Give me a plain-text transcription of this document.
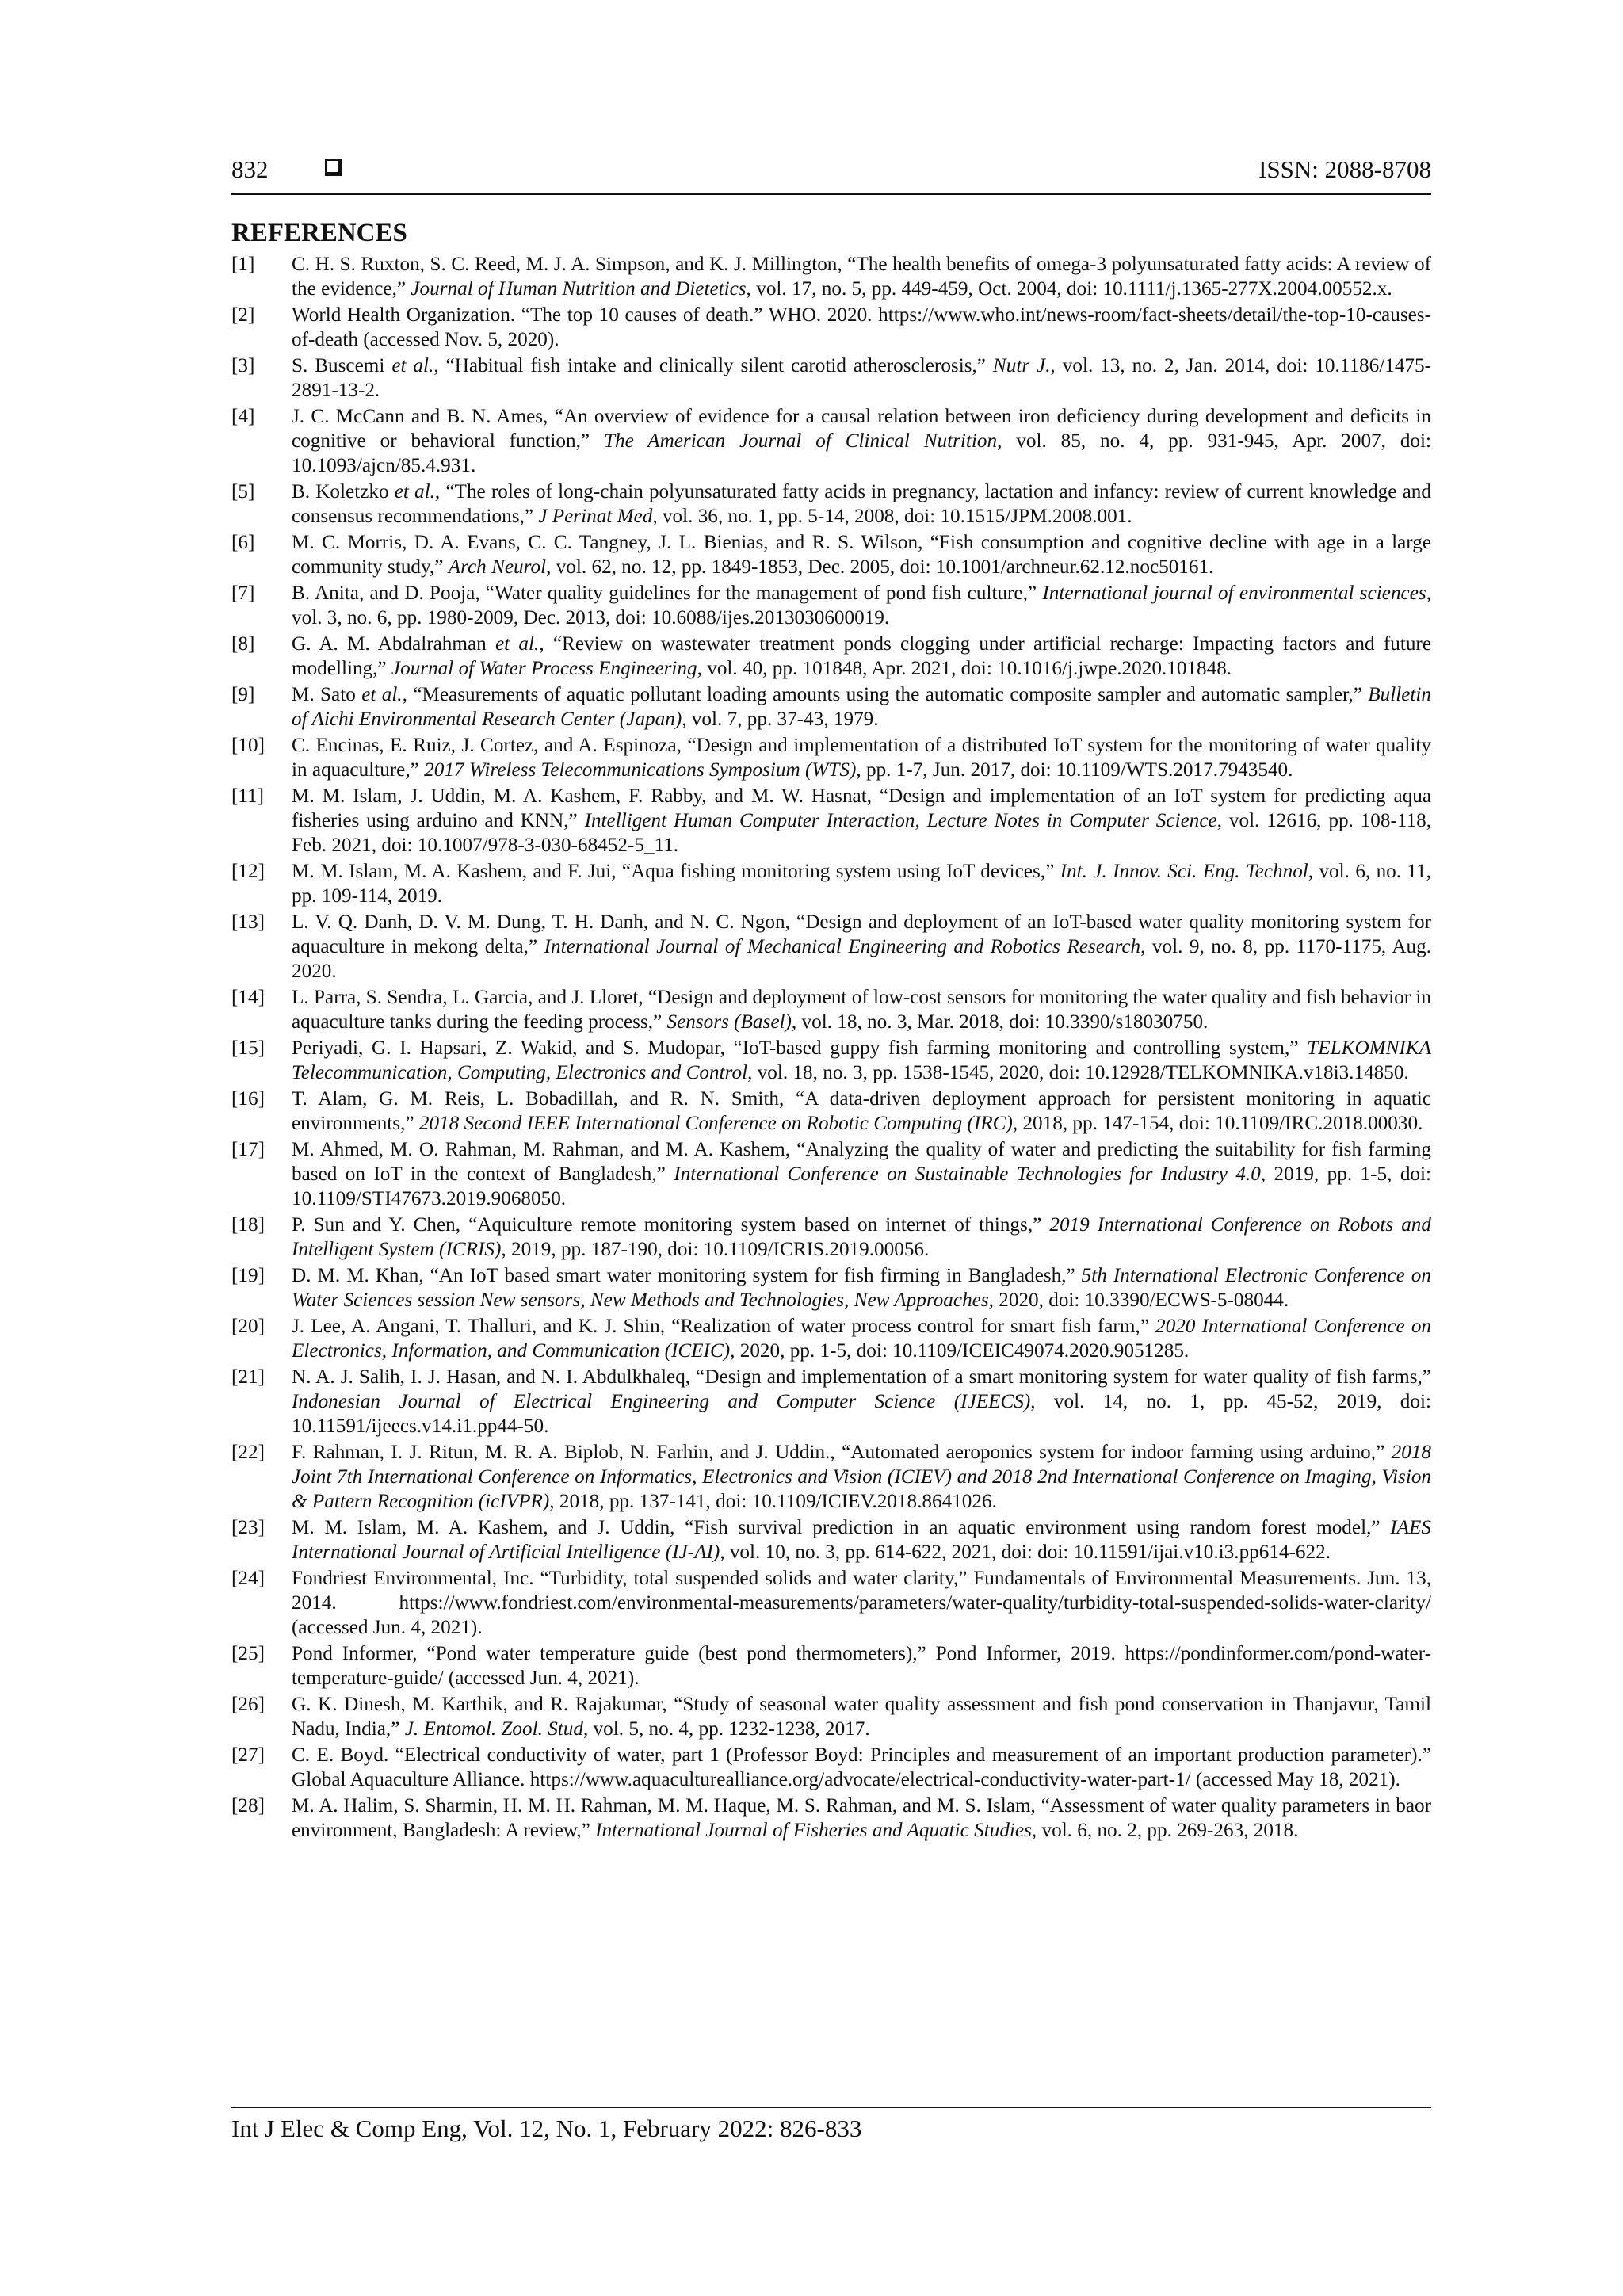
832	ISSN: 2088-8708
REFERENCES
[1]	C. H. S. Ruxton, S. C. Reed, M. J. A. Simpson, and K. J. Millington, “The health benefits of omega-3 polyunsaturated fatty acids: A review of the evidence,” Journal of Human Nutrition and Dietetics, vol. 17, no. 5, pp. 449-459, Oct. 2004, doi: 10.1111/j.1365-277X.2004.00552.x.
[2]	World Health Organization. “The top 10 causes of death.” WHO. 2020. https://www.who.int/news-room/fact-sheets/detail/the-top-10-causes-of-death (accessed Nov. 5, 2020).
[3]	S. Buscemi et al., “Habitual fish intake and clinically silent carotid atherosclerosis,” Nutr J., vol. 13, no. 2, Jan. 2014, doi: 10.1186/1475-2891-13-2.
[4]	J. C. McCann and B. N. Ames, “An overview of evidence for a causal relation between iron deficiency during development and deficits in cognitive or behavioral function,” The American Journal of Clinical Nutrition, vol. 85, no. 4, pp. 931-945, Apr. 2007, doi: 10.1093/ajcn/85.4.931.
[5]	B. Koletzko et al., “The roles of long-chain polyunsaturated fatty acids in pregnancy, lactation and infancy: review of current knowledge and consensus recommendations,” J Perinat Med, vol. 36, no. 1, pp. 5-14, 2008, doi: 10.1515/JPM.2008.001.
[6]	M. C. Morris, D. A. Evans, C. C. Tangney, J. L. Bienias, and R. S. Wilson, “Fish consumption and cognitive decline with age in a large community study,” Arch Neurol, vol. 62, no. 12, pp. 1849-1853, Dec. 2005, doi: 10.1001/archneur.62.12.noc50161.
[7]	B. Anita, and D. Pooja, “Water quality guidelines for the management of pond fish culture,” International journal of environmental sciences, vol. 3, no. 6, pp. 1980-2009, Dec. 2013, doi: 10.6088/ijes.2013030600019.
[8]	G. A. M. Abdalrahman et al., “Review on wastewater treatment ponds clogging under artificial recharge: Impacting factors and future modelling,” Journal of Water Process Engineering, vol. 40, pp. 101848, Apr. 2021, doi: 10.1016/j.jwpe.2020.101848.
[9]	M. Sato et al., “Measurements of aquatic pollutant loading amounts using the automatic composite sampler and automatic sampler,” Bulletin of Aichi Environmental Research Center (Japan), vol. 7, pp. 37-43, 1979.
[10]	C. Encinas, E. Ruiz, J. Cortez, and A. Espinoza, “Design and implementation of a distributed IoT system for the monitoring of water quality in aquaculture,” 2017 Wireless Telecommunications Symposium (WTS), pp. 1-7, Jun. 2017, doi: 10.1109/WTS.2017.7943540.
[11]	M. M. Islam, J. Uddin, M. A. Kashem, F. Rabby, and M. W. Hasnat, “Design and implementation of an IoT system for predicting aqua fisheries using arduino and KNN,” Intelligent Human Computer Interaction, Lecture Notes in Computer Science, vol. 12616, pp. 108-118, Feb. 2021, doi: 10.1007/978-3-030-68452-5_11.
[12]	M. M. Islam, M. A. Kashem, and F. Jui, “Aqua fishing monitoring system using IoT devices,” Int. J. Innov. Sci. Eng. Technol, vol. 6, no. 11, pp. 109-114, 2019.
[13]	L. V. Q. Danh, D. V. M. Dung, T. H. Danh, and N. C. Ngon, “Design and deployment of an IoT-based water quality monitoring system for aquaculture in mekong delta,” International Journal of Mechanical Engineering and Robotics Research, vol. 9, no. 8, pp. 1170-1175, Aug. 2020.
[14]	L. Parra, S. Sendra, L. Garcia, and J. Lloret, “Design and deployment of low-cost sensors for monitoring the water quality and fish behavior in aquaculture tanks during the feeding process,” Sensors (Basel), vol. 18, no. 3, Mar. 2018, doi: 10.3390/s18030750.
[15]	Periyadi, G. I. Hapsari, Z. Wakid, and S. Mudopar, “IoT-based guppy fish farming monitoring and controlling system,” TELKOMNIKA Telecommunication, Computing, Electronics and Control, vol. 18, no. 3, pp. 1538-1545, 2020, doi: 10.12928/TELKOMNIKA.v18i3.14850.
[16]	T. Alam, G. M. Reis, L. Bobadillah, and R. N. Smith, “A data-driven deployment approach for persistent monitoring in aquatic environments,” 2018 Second IEEE International Conference on Robotic Computing (IRC), 2018, pp. 147-154, doi: 10.1109/IRC.2018.00030.
[17]	M. Ahmed, M. O. Rahman, M. Rahman, and M. A. Kashem, “Analyzing the quality of water and predicting the suitability for fish farming based on IoT in the context of Bangladesh,” International Conference on Sustainable Technologies for Industry 4.0, 2019, pp. 1-5, doi: 10.1109/STI47673.2019.9068050.
[18]	P. Sun and Y. Chen, “Aquiculture remote monitoring system based on internet of things,” 2019 International Conference on Robots and Intelligent System (ICRIS), 2019, pp. 187-190, doi: 10.1109/ICRIS.2019.00056.
[19]	D. M. M. Khan, “An IoT based smart water monitoring system for fish firming in Bangladesh,” 5th International Electronic Conference on Water Sciences session New sensors, New Methods and Technologies, New Approaches, 2020, doi: 10.3390/ECWS-5-08044.
[20]	J. Lee, A. Angani, T. Thalluri, and K. J. Shin, “Realization of water process control for smart fish farm,” 2020 International Conference on Electronics, Information, and Communication (ICEIC), 2020, pp. 1-5, doi: 10.1109/ICEIC49074.2020.9051285.
[21]	N. A. J. Salih, I. J. Hasan, and N. I. Abdulkhaleq, “Design and implementation of a smart monitoring system for water quality of fish farms,” Indonesian Journal of Electrical Engineering and Computer Science (IJEECS), vol. 14, no. 1, pp. 45-52, 2019, doi: 10.11591/ijeecs.v14.i1.pp44-50.
[22]	F. Rahman, I. J. Ritun, M. R. A. Biplob, N. Farhin, and J. Uddin., “Automated aeroponics system for indoor farming using arduino,” 2018 Joint 7th International Conference on Informatics, Electronics and Vision (ICIEV) and 2018 2nd International Conference on Imaging, Vision & Pattern Recognition (icIVPR), 2018, pp. 137-141, doi: 10.1109/ICIEV.2018.8641026.
[23]	M. M. Islam, M. A. Kashem, and J. Uddin, “Fish survival prediction in an aquatic environment using random forest model,” IAES International Journal of Artificial Intelligence (IJ-AI), vol. 10, no. 3, pp. 614-622, 2021, doi: doi: 10.11591/ijai.v10.i3.pp614-622.
[24]	Fondriest Environmental, Inc. “Turbidity, total suspended solids and water clarity,” Fundamentals of Environmental Measurements. Jun. 13, 2014. https://www.fondriest.com/environmental-measurements/parameters/water-quality/turbidity-total-suspended-solids-water-clarity/ (accessed Jun. 4, 2021).
[25]	Pond Informer, “Pond water temperature guide (best pond thermometers),” Pond Informer, 2019. https://pondinformer.com/pond-water-temperature-guide/ (accessed Jun. 4, 2021).
[26]	G. K. Dinesh, M. Karthik, and R. Rajakumar, “Study of seasonal water quality assessment and fish pond conservation in Thanjavur, Tamil Nadu, India,” J. Entomol. Zool. Stud, vol. 5, no. 4, pp. 1232-1238, 2017.
[27]	C. E. Boyd. “Electrical conductivity of water, part 1 (Professor Boyd: Principles and measurement of an important production parameter).” Global Aquaculture Alliance. https://www.aquaculturealliance.org/advocate/electrical-conductivity-water-part-1/ (accessed May 18, 2021).
[28]	M. A. Halim, S. Sharmin, H. M. H. Rahman, M. M. Haque, M. S. Rahman, and M. S. Islam, “Assessment of water quality parameters in baor environment, Bangladesh: A review,” International Journal of Fisheries and Aquatic Studies, vol. 6, no. 2, pp. 269-263, 2018.
Int J Elec & Comp Eng, Vol. 12, No. 1, February 2022: 826-833
